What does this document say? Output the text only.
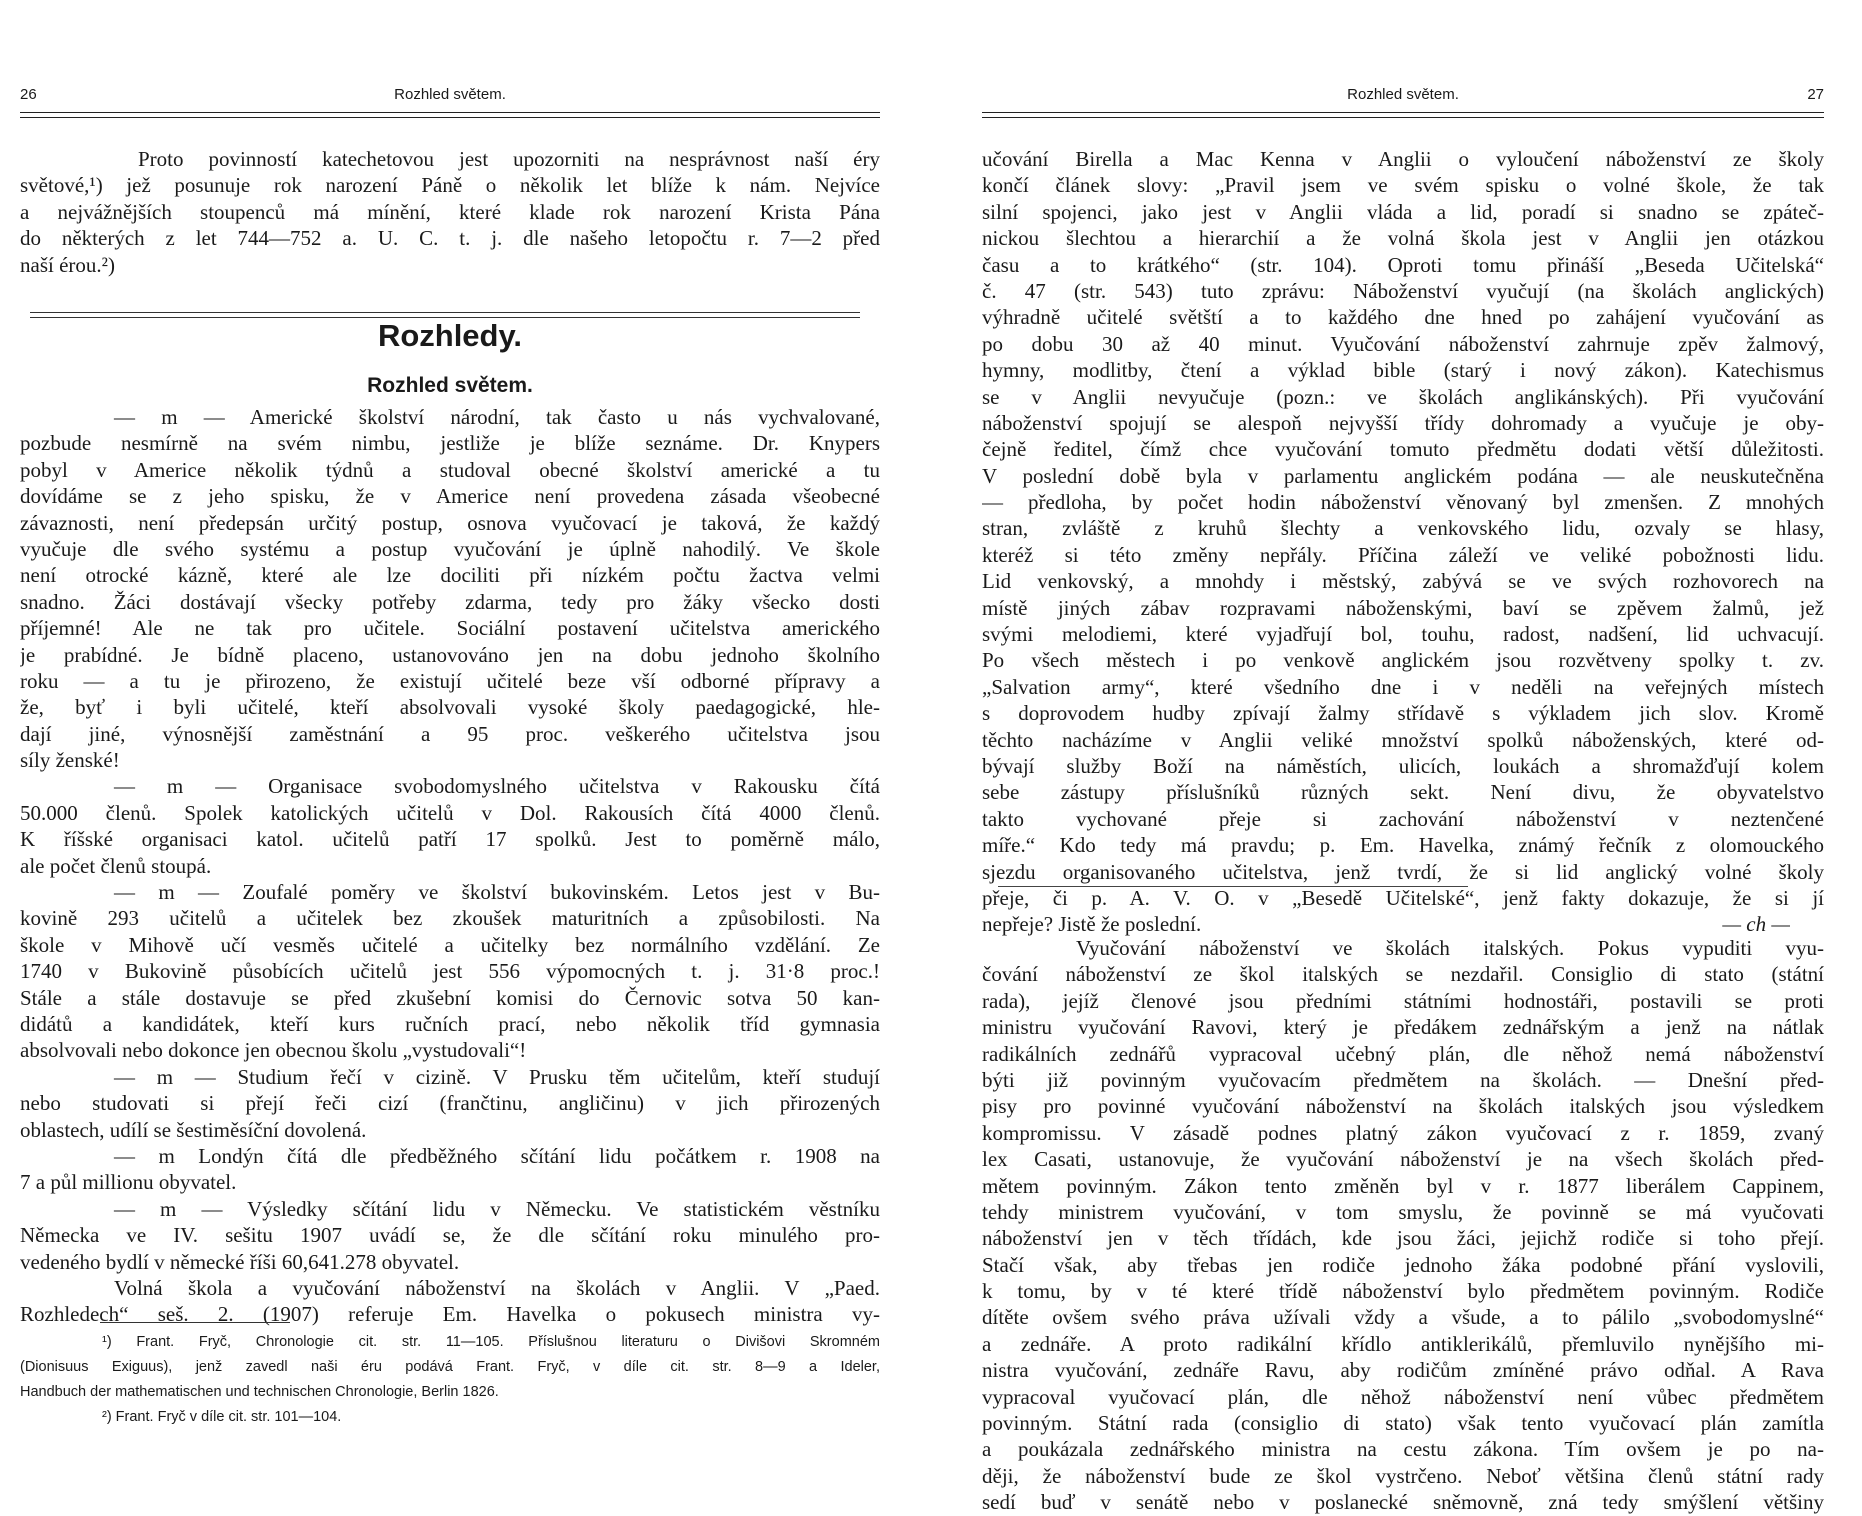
26	Rozhled světem.
Proto povinností katechetovou jest upozorniti na nesprávnost naší éry
světové,¹) jež posunuje rok narození Páně o několik let blíže k nám. Nejvíce
a nejvážnějších stoupenců má mínění, které klade rok narození Krista Pána
do některých z let 744—752 a. U. C. t. j. dle našeho letopočtu r. 7—2 před
naší érou.²)
Rozhledy.
Rozhled světem.
— m — Americké školství národní, tak často u nás vychvalované,
pozbude nesmírně na svém nimbu, jestliže je blíže seznáme. Dr. Knypers
pobyl v Americe několik týdnů a studoval obecné školství americké a tu
dovídáme se z jeho spisku, že v Americe není provedena zásada všeobecné
závaznosti, není předepsán určitý postup, osnova vyučovací je taková, že každý
vyučuje dle svého systému a postup vyučování je úplně nahodilý. Ve škole
není otrocké kázně, které ale lze dociliti při nízkém počtu žactva velmi
snadno. Žáci dostávají všecky potřeby zdarma, tedy pro žáky všecko dosti
příjemné! Ale ne tak pro učitele. Sociální postavení učitelstva amerického
je prabídné. Je bídně placeno, ustanovováno jen na dobu jednoho školního
roku — a tu je přirozeno, že existují učitelé beze vší odborné přípravy a
že, byť i byli učitelé, kteří absolvovali vysoké školy paedagogické, hle-
dají jiné, výnosnější zaměstnání a 95 proc. veškerého učitelstva jsou
síly ženské!
— m — Organisace svobodomyslného učitelstva v Rakousku čítá
50.000 členů. Spolek katolických učitelů v Dol. Rakousích čítá 4000 členů.
K říšské organisaci katol. učitelů patří 17 spolků. Jest to poměrně málo,
ale počet členů stoupá.
— m — Zoufalé poměry ve školství bukovinském. Letos jest v Bu-
kovině 293 učitelů a učitelek bez zkoušek maturitních a způsobilosti. Na
škole v Mihově učí vesměs učitelé a učitelky bez normálního vzdělání. Ze
1740 v Bukovině působících učitelů jest 556 výpomocných t. j. 31·8 proc.!
Stále a stále dostavuje se před zkušební komisi do Černovic sotva 50 kan-
didátů a kandidátek, kteří kurs ručních prací, nebo několik tříd gymnasia
absolvovali nebo dokonce jen obecnou školu „vystudovali“!
— m — Studium řečí v cizině. V Prusku těm učitelům, kteří studují
nebo studovati si přejí řeči cizí (frančtinu, angličinu) v jich přirozených
oblastech, udílí se šestiměsíční dovolená.
— m Londýn čítá dle předběžného sčítání lidu počátkem r. 1908 na
7 a půl millionu obyvatel.
— m — Výsledky sčítání lidu v Německu. Ve statistickém věstníku
Německa ve IV. sešitu 1907 uvádí se, že dle sčítání roku minulého pro-
vedeného bydlí v německé říši 60,641.278 obyvatel.
Volná škola a vyučování náboženství na školách v Anglii. V „Paed.
Rozhledech“ seš. 2. (1907) referuje Em. Havelka o pokusech ministra vy-
¹) Frant. Fryč, Chronologie cit. str. 11—105. Příslušnou literaturu o Divišovi Skromném
(Dionisuus Exiguus), jenž zavedl naši éru podává Frant. Fryč, v díle cit. str. 8—9 a Ideler,
Handbuch der mathematischen und technischen Chronologie, Berlin 1826.
²) Frant. Fryč v díle cit. str. 101—104.
Rozhled světem.	27
učování Birella a Mac Kenna v Anglii o vyloučení náboženství ze školy
končí článek slovy: „Pravil jsem ve svém spisku o volné škole, že tak
silní spojenci, jako jest v Anglii vláda a lid, poradí si snadno se zpáteč-
nickou šlechtou a hierarchií a že volná škola jest v Anglii jen otázkou
času a to krátkého“ (str. 104). Oproti tomu přináší „Beseda Učitelská“
č. 47 (str. 543) tuto zprávu: Náboženství vyučují (na školách anglických)
výhradně učitelé světští a to každého dne hned po zahájení vyučování as
po dobu 30 až 40 minut. Vyučování náboženství zahrnuje zpěv žalmový,
hymny, modlitby, čtení a výklad bible (starý i nový zákon). Katechismus
se v Anglii nevyučuje (pozn.: ve školách anglikánských). Při vyučování
náboženství spojují se alespoň nejvyšší třídy dohromady a vyučuje je oby-
čejně ředitel, čímž chce vyučování tomuto předmětu dodati větší důležitosti.
V poslední době byla v parlamentu anglickém podána — ale neuskutečněna
— předloha, by počet hodin náboženství věnovaný byl zmenšen. Z mnohých
stran, zvláště z kruhů šlechty a venkovského lidu, ozvaly se hlasy,
kteréž si této změny nepřály. Příčina záleží ve veliké pobožnosti lidu.
Lid venkovský, a mnohdy i městský, zabývá se ve svých rozhovorech na
místě jiných zábav rozpravami náboženskými, baví se zpěvem žalmů, jež
svými melodiemi, které vyjadřují bol, touhu, radost, nadšení, lid uchvacují.
Po všech městech i po venkově anglickém jsou rozvětveny spolky t. zv.
„Salvation army“, které všedního dne i v neděli na veřejných místech
s doprovodem hudby zpívají žalmy střídavě s výkladem jich slov. Kromě
těchto nacházíme v Anglii veliké množství spolků náboženských, které od-
bývají služby Boží na náměstích, ulicích, loukách a shromažďují kolem
sebe zástupy příslušníků různých sekt. Není divu, že obyvatelstvo
takto vychované přeje si zachování náboženství v neztenčené
míře.“ Kdo tedy má pravdu; p. Em. Havelka, známý řečník z olomouckého
sjezdu organisovaného učitelstva, jenž tvrdí, že si lid anglický volné školy
přeje, či p. A. V. O. v „Besedě Učitelské“, jenž fakty dokazuje, že si jí
nepřeje? Jistě že poslední.	— ch —
Vyučování náboženství ve školách italských. Pokus vypuditi vyu-
čování náboženství ze škol italských se nezdařil. Consiglio di stato (státní
rada), jejíž členové jsou předními státními hodnostáři, postavili se proti
ministru vyučování Ravovi, který je předákem zednářským a jenž na nátlak
radikálních zednářů vypracoval učebný plán, dle něhož nemá náboženství
býti již povinným vyučovacím předmětem na školách. — Dnešní před-
pisy pro povinné vyučování náboženství na školách italských jsou výsledkem
kompromissu. V zásadě podnes platný zákon vyučovací z r. 1859, zvaný
lex Casati, ustanovuje, že vyučování náboženství je na všech školách před-
mětem povinným. Zákon tento změněn byl v r. 1877 liberálem Cappinem,
tehdy ministrem vyučování, v tom smyslu, že povinně se má vyučovati
náboženství jen v těch třídách, kde jsou žáci, jejichž rodiče si toho přejí.
Stačí však, aby třebas jen rodiče jednoho žáka podobné přání vyslovili,
k tomu, by v té které třídě náboženství bylo předmětem povinným. Rodiče
dítěte ovšem svého práva užívali vždy a všude, a to pálilo „svobodomyslné“
a zednáře. A proto radikální křídlo antiklerikálů, přemluvilo nynějšího mi-
nistra vyučování, zednáře Ravu, aby rodičům zmíněné právo odňal. A Rava
vypracoval vyučovací plán, dle něhož náboženství není vůbec předmětem
povinným. Státní rada (consiglio di stato) však tento vyučovací plán zamítla
a poukázala zednářského ministra na cestu zákona. Tím ovšem je po na-
ději, že náboženství bude ze škol vystrčeno. Neboť většina členů státní rady
sedí buď v senátě nebo v poslanecké sněmovně, zná tedy smýšlení většiny
